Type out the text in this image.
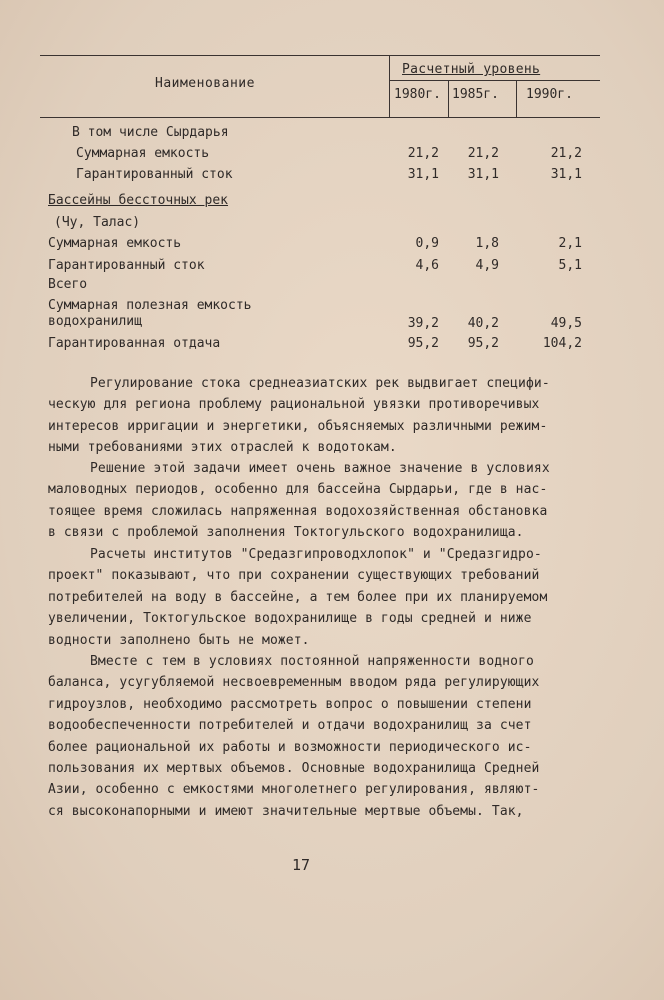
Наименование
Расчетный уровень
1980г. 1985г. 1990г.
В том числе Сырдарья
Суммарная емкость	21,2	21,2	21,2
Гарантированный сток	31,1	31,1	31,1
Бассейны бессточных рек
(Чу, Талас)
Суммарная емкость	0,9	1,8	2,1
Гарантированный сток	4,6	4,9	5,1
Всего
Суммарная полезная емкость
водохранилищ	39,2	40,2	49,5
Гарантированная отдача	95,2	95,2	104,2
Регулирование стока среднеазиатских рек выдвигает специфи-
ческую для региона проблему рациональной увязки противоречивых
интересов ирригации и энергетики, объясняемых различными режим-
ными требованиями этих отраслей к водотокам.
Решение этой задачи имеет очень важное значение в условиях
маловодных периодов, особенно для бассейна Сырдарьи, где в нас-
тоящее время сложилась напряженная водохозяйственная обстановка
в связи с проблемой заполнения Токтогульского водохранилища.
Расчеты институтов "Средазгипроводхлопок" и "Средазгидро-
проект" показывают, что при сохранении существующих требований
потребителей на воду в бассейне, а тем более при их планируемом
увеличении, Токтогульское водохранилище в годы средней и ниже
водности заполнено быть не может.
Вместе с тем в условиях постоянной напряженности водного
баланса, усугубляемой несвоевременным вводом ряда регулирующих
гидроузлов, необходимо рассмотреть вопрос о повышении степени
водообеспеченности потребителей и отдачи водохранилищ за счет
более рациональной их работы и возможности периодического ис-
пользования их мертвых объемов. Основные водохранилища Средней
Азии, особенно с емкостями многолетнего регулирования, являют-
ся высоконапорными и имеют значительные мертвые объемы. Так,
17
